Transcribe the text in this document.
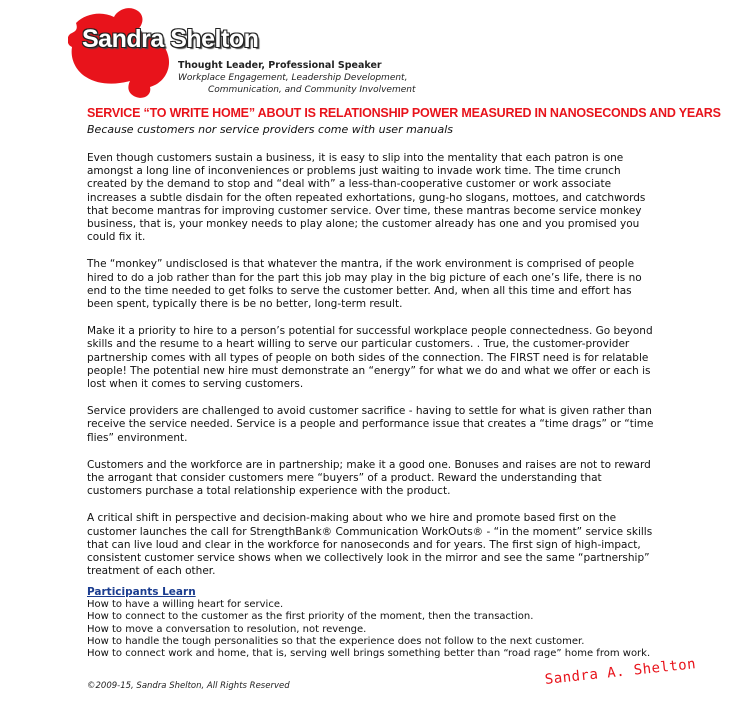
Sandra Shelton
Thought Leader, Professional Speaker
Workplace Engagement, Leadership Development,
Communication, and Community Involvement
SERVICE “TO WRITE HOME” ABOUT IS RELATIONSHIP POWER MEASURED IN NANOSECONDS AND YEARS
Because customers nor service providers come with user manuals

Even though customers sustain a business, it is easy to slip into the mentality that each patron is one amongst a long line of inconveniences or problems just waiting to invade work time. The time crunch created by the demand to stop and “deal with” a less-than-cooperative customer or work associate increases a subtle disdain for the often repeated exhortations, gung-ho slogans, mottoes, and catchwords that become mantras for improving customer service. Over time, these mantras become service monkey business, that is, your monkey needs to play alone; the customer already has one and you promised you could fix it.

The “monkey” undisclosed is that whatever the mantra, if the work environment is comprised of people hired to do a job rather than for the part this job may play in the big picture of each one’s life, there is no end to the time needed to get folks to serve the customer better. And, when all this time and effort has been spent, typically there is be no better, long-term result.

Make it a priority to hire to a person’s potential for successful workplace people connectedness. Go beyond skills and the resume to a heart willing to serve our particular customers. . True, the customer-provider partnership comes with all types of people on both sides of the connection. The FIRST need is for relatable people! The potential new hire must demonstrate an “energy” for what we do and what we offer or each is lost when it comes to serving customers.

Service providers are challenged to avoid customer sacrifice - having to settle for what is given rather than receive the service needed. Service is a people and performance issue that creates a “time drags” or “time flies” environment.

Customers and the workforce are in partnership; make it a good one. Bonuses and raises are not to reward the arrogant that consider customers mere “buyers” of a product. Reward the understanding that customers purchase a total relationship experience with the product.

A critical shift in perspective and decision-making about who we hire and promote based first on the customer launches the call for StrengthBank® Communication WorkOuts® - “in the moment” service skills that can live loud and clear in the workforce for nanoseconds and for years. The first sign of high-impact, consistent customer service shows when we collectively look in the mirror and see the same “partnership” treatment of each other.

Participants Learn
How to have a willing heart for service.
How to connect to the customer as the first priority of the moment, then the transaction.
How to move a conversation to resolution, not revenge.
How to handle the tough personalities so that the experience does not follow to the next customer.
How to connect work and home, that is, serving well brings something better than “road rage” home from work.
©2009-15, Sandra Shelton, All Rights Reserved	Sandra A. Shelton
